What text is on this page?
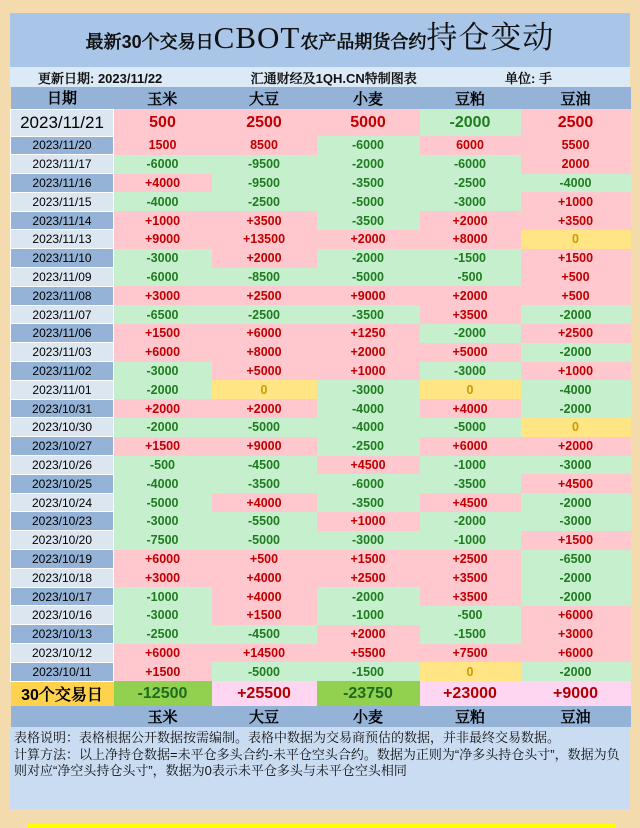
最新30个交易日CBOT农产品期货合约持仓变动
更新日期: 2023/11/22	汇通财经及1QH.CN特制图表	单位: 手
日期	玉米	大豆	小麦	豆粕	豆油
2023/11/21	500	2500	5000	-2000	2500
2023/11/20	1500	8500	-6000	6000	5500
2023/11/17	-6000	-9500	-2000	-6000	2000
2023/11/16	+4000	-9500	-3500	-2500	-4000
2023/11/15	-4000	-2500	-5000	-3000	+1000
2023/11/14	+1000	+3500	-3500	+2000	+3500
2023/11/13	+9000	+13500	+2000	+8000	0
2023/11/10	-3000	+2000	-2000	-1500	+1500
2023/11/09	-6000	-8500	-5000	-500	+500
2023/11/08	+3000	+2500	+9000	+2000	+500
2023/11/07	-6500	-2500	-3500	+3500	-2000
2023/11/06	+1500	+6000	+1250	-2000	+2500
2023/11/03	+6000	+8000	+2000	+5000	-2000
2023/11/02	-3000	+5000	+1000	-3000	+1000
2023/11/01	-2000	0	-3000	0	-4000
2023/10/31	+2000	+2000	-4000	+4000	-2000
2023/10/30	-2000	-5000	-4000	-5000	0
2023/10/27	+1500	+9000	-2500	+6000	+2000
2023/10/26	-500	-4500	+4500	-1000	-3000
2023/10/25	-4000	-3500	-6000	-3500	+4500
2023/10/24	-5000	+4000	-3500	+4500	-2000
2023/10/23	-3000	-5500	+1000	-2000	-3000
2023/10/20	-7500	-5000	-3000	-1000	+1500
2023/10/19	+6000	+500	+1500	+2500	-6500
2023/10/18	+3000	+4000	+2500	+3500	-2000
2023/10/17	-1000	+4000	-2000	+3500	-2000
2023/10/16	-3000	+1500	-1000	-500	+6000
2023/10/13	-2500	-4500	+2000	-1500	+3000
2023/10/12	+6000	+14500	+5500	+7500	+6000
2023/10/11	+1500	-5000	-1500	0	-2000
30个交易日	-12500	+25500	-23750	+23000	+9000
	玉米	大豆	小麦	豆粕	豆油
表格说明：表格根据公开数据按需编制。表格中数据为交易商预估的数据，并非最终交易数据。
计算方法：以上净持仓数据=未平仓多头合约-未平仓空头合约。数据为正则为“净多头持仓头寸”，数据为负则对应“净空头持仓头寸”，数据为0表示未平仓多头与未平仓空头相同
